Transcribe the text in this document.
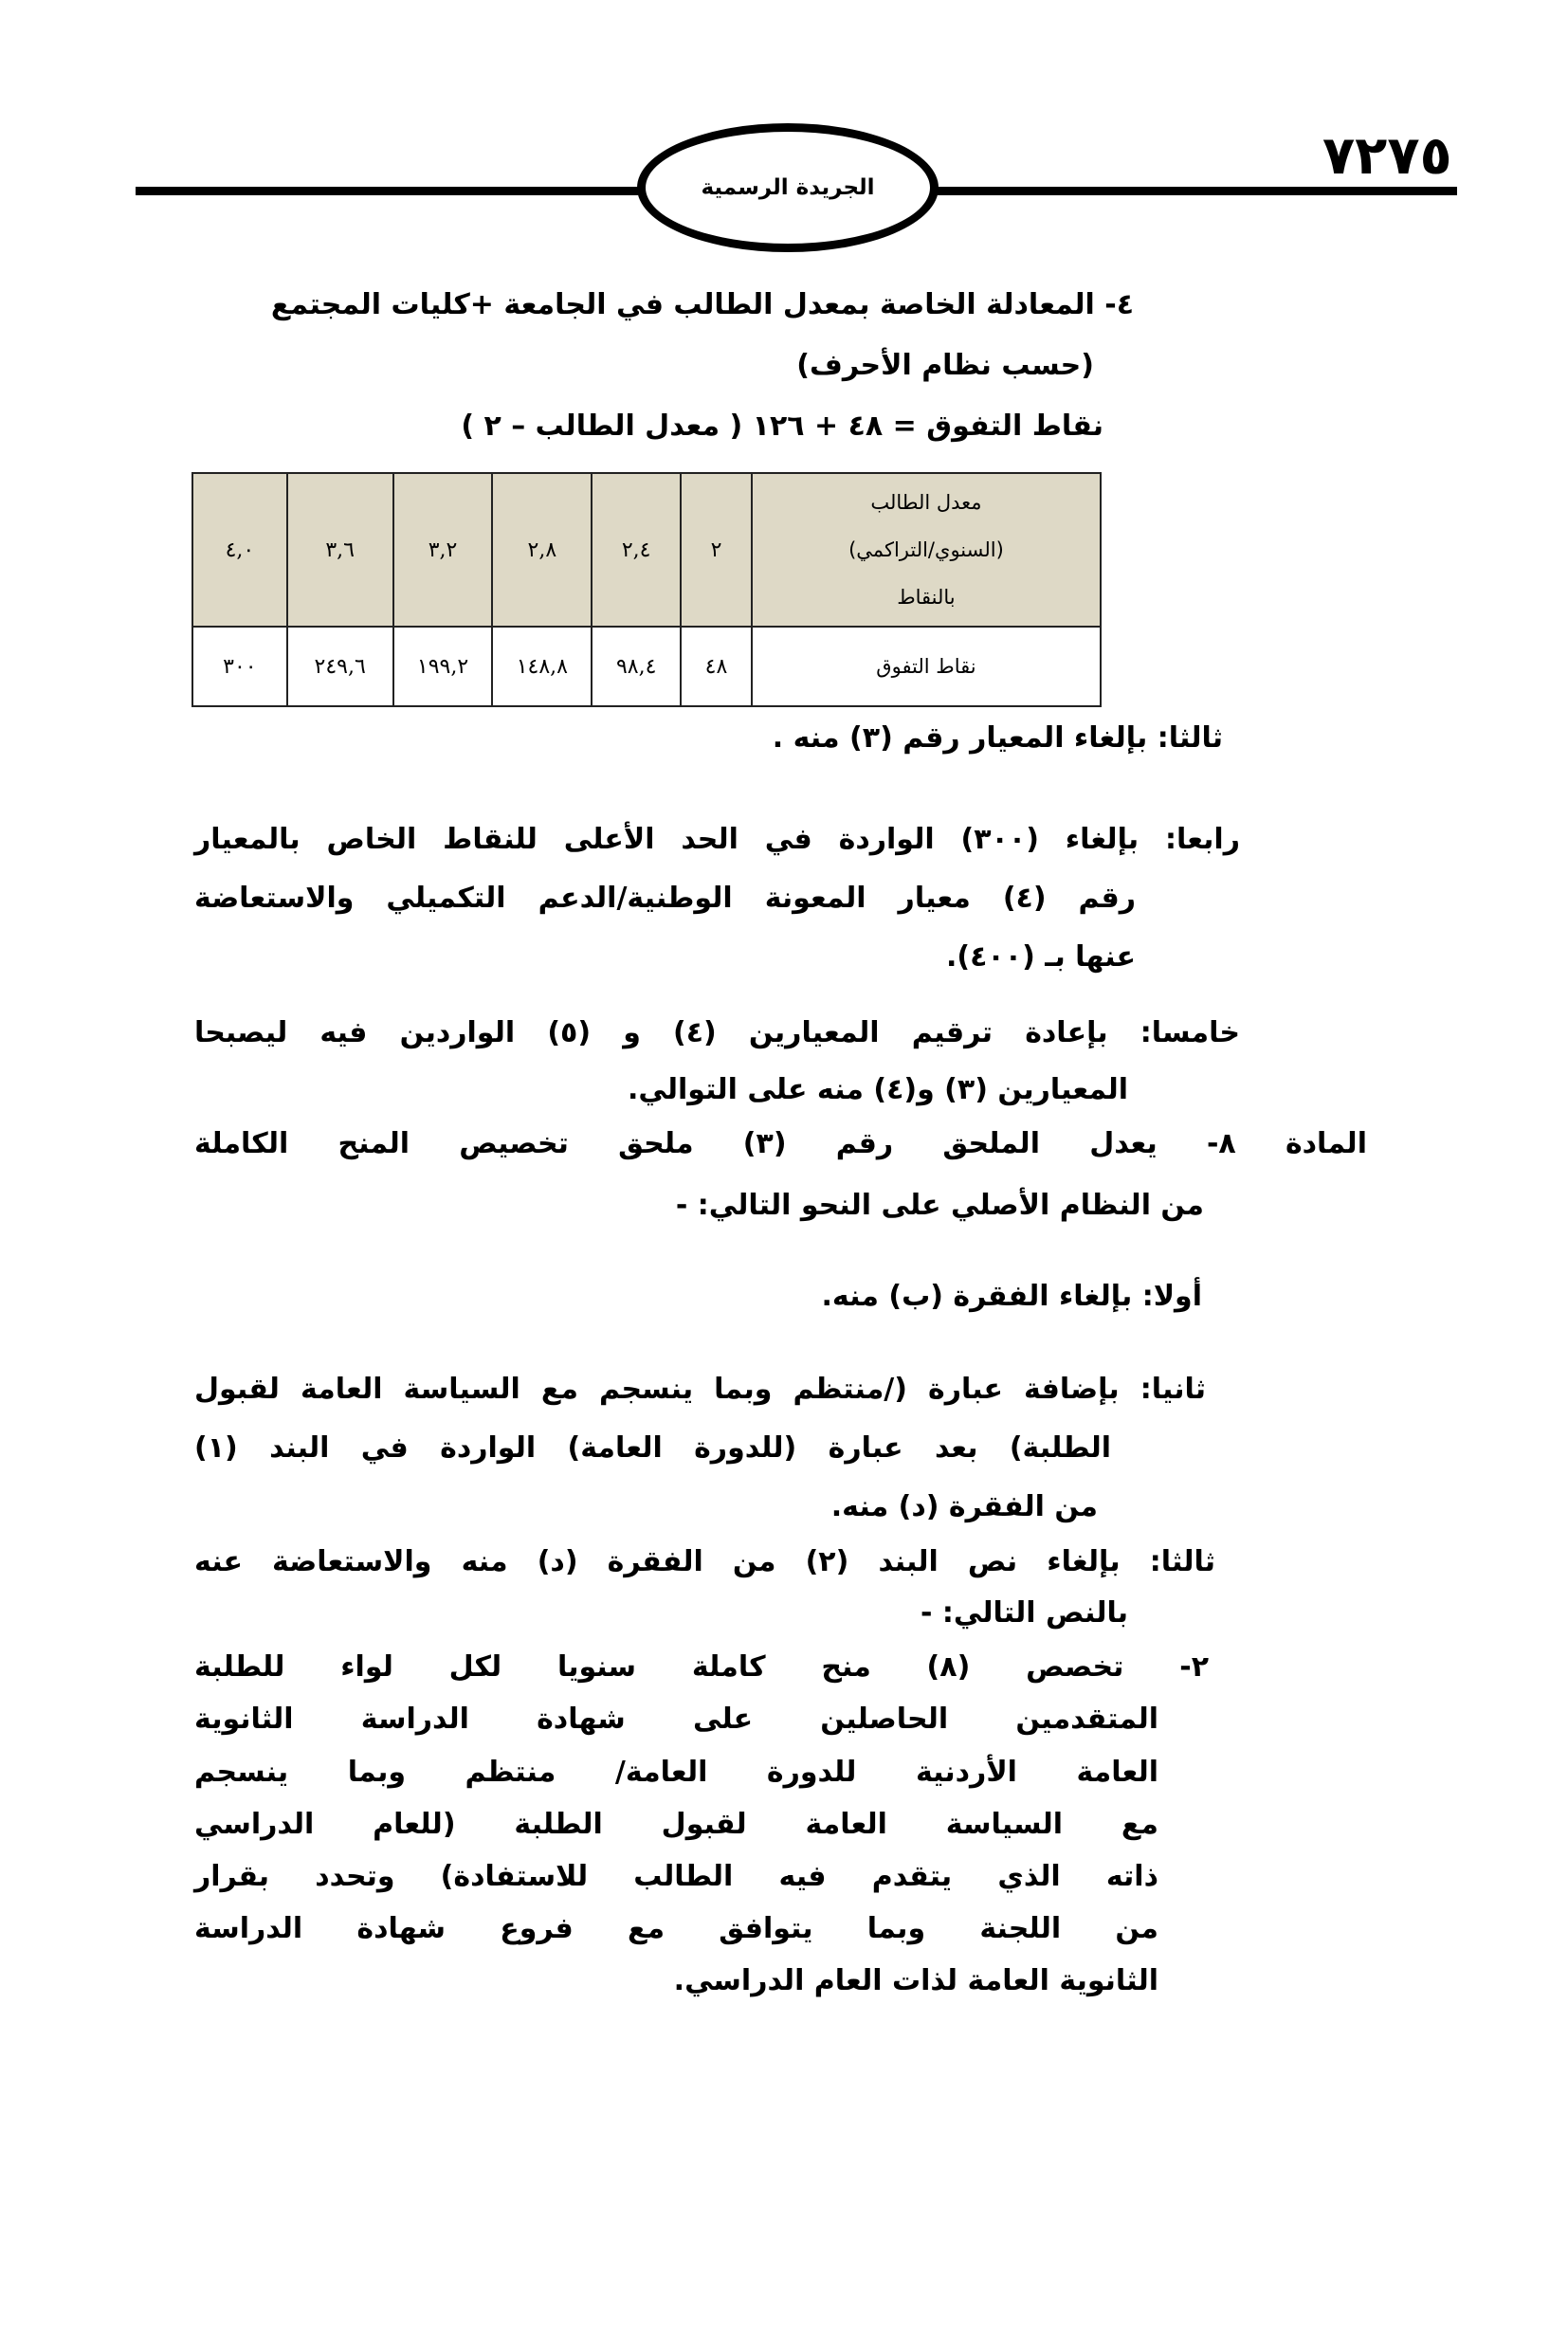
٧٢٧٥
الجريدة الرسمية
٤- المعادلة الخاصة بمعدل الطالب في الجامعة +كليات المجتمع
(حسب نظام الأحرف)
نقاط التفوق = ٤٨ + ١٢٦ ( معدل الطالب – ٢ )
٤,٠	٣,٦	٣,٢	٢,٨	٢,٤	٢	معدل الطالب
(السنوي/التراكمي)
بالنقاط

٣٠٠	٢٤٩,٦	١٩٩,٢	١٤٨,٨	٩٨,٤	٤٨	نقاط التفوق
ثالثا: بإلغاء المعيار رقم (٣) منه .
رابعا: بإلغاء (٣٠٠) الواردة في الحد الأعلى للنقاط الخاص بالمعيار
رقم (٤) معيار المعونة الوطنية/الدعم التكميلي والاستعاضة
عنها بـ (٤٠٠).
خامسا: بإعادة ترقيم المعيارين (٤) و (٥) الواردين فيه ليصبحا
المعيارين (٣) و(٤) منه على التوالي.
المادة ٨- يعدل الملحق رقم (٣) ملحق تخصيص المنح الكاملة
من النظام الأصلي على النحو التالي: -
أولا: بإلغاء الفقرة (ب) منه.
ثانيا: بإضافة عبارة (/منتظم وبما ينسجم مع السياسة العامة لقبول
الطلبة) بعد عبارة (للدورة العامة) الواردة في البند (١)
من الفقرة (د) منه.
ثالثا: بإلغاء نص البند (٢) من الفقرة (د) منه والاستعاضة عنه
بالنص التالي: -
٢- تخصص (٨) منح كاملة سنويا لكل لواء للطلبة
المتقدمين الحاصلين على شهادة الدراسة الثانوية
العامة الأردنية للدورة العامة/ منتظم وبما ينسجم
مع السياسة العامة لقبول الطلبة (للعام الدراسي
ذاته الذي يتقدم فيه الطالب للاستفادة) وتحدد بقرار
من اللجنة وبما يتوافق مع فروع شهادة الدراسة
الثانوية العامة لذات العام الدراسي.
